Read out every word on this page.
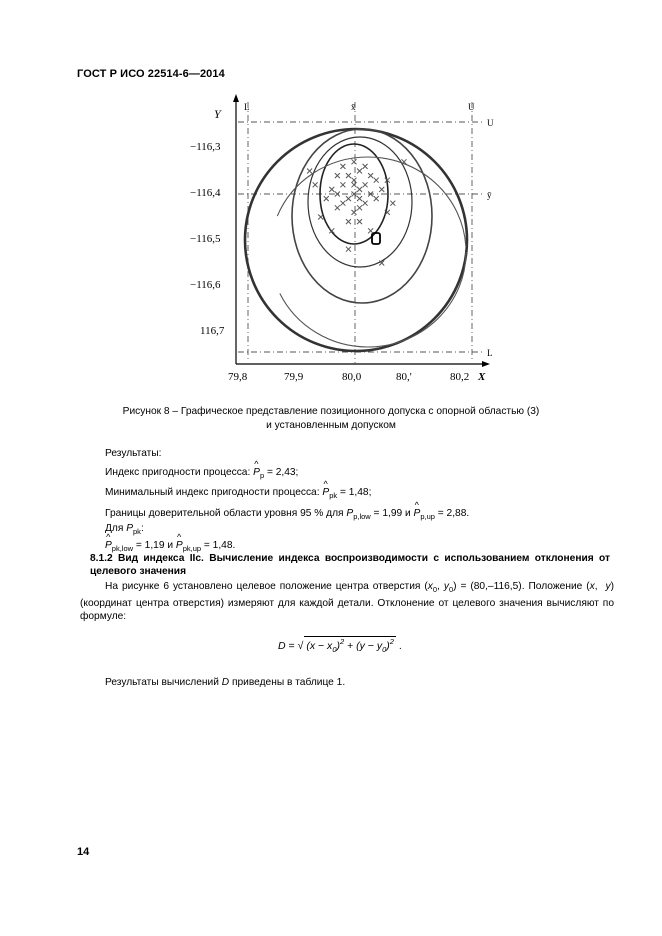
ГОСТ Р ИСО 22514-6—2014
Y
−116,3
−116,4
−116,5
−116,6
116,7
79,8	79,9	80,0	80,'	80,2 X
L	U
U
L
x̄
ȳ
Рисунок 8 – Графическое представление позиционного допуска с опорной областью (3)
и установленным допуском
Результаты:
Индекс пригодности процесса: ^ $P_p = 2,43$;
Минимальный индекс пригодности процесса: ^ $P_{pk} = 1,48$;
Границы доверительной области уровня 95 % для $P_{p,low} = 1,99$ и ^ $P_{p,up} = 2,88$.
Для $P_{pk}$:
^ $P_{pk,low} = 1,19$ и ^ $P_{pk,up} = 1,48$.
8.1.2 Вид индекса IIc. Вычисление индекса воспроизводимости с использованием отклонения от целевого значения
На рисунке 6 установлено целевое положение центра отверстия ($x_0$, $y_0) = (80,-116,5)$. Положение (x, y) (координат центра отверстия) измеряют для каждой детали. Отклонение от целевого значения вычисляют по формуле:
D = √ $(x - x_0)^2 + (y - y_0)^2$ .
Результаты вычислений D приведены в таблице 1.
14
